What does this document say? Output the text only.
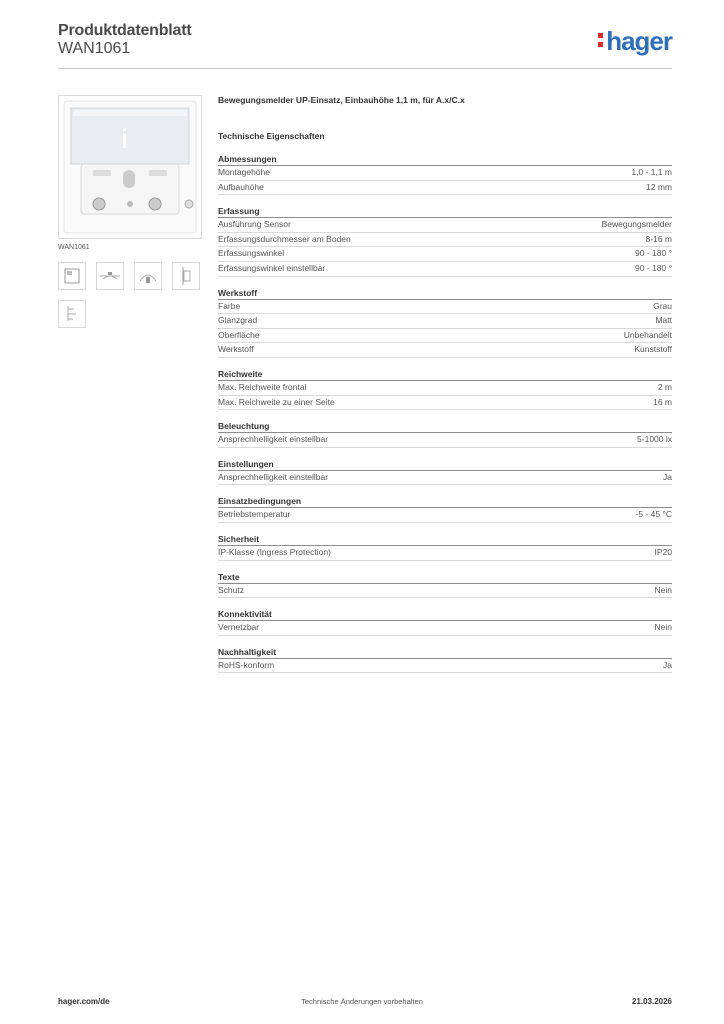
Produktdatenblatt
WAN1061	hager
WAN1061
Bewegungsmelder UP-Einsatz, Einbauhöhe 1,1 m, für A.x/C.x
Technische Eigenschaften
Abmessungen
Montagehöhe	1,0 - 1,1 m
Aufbauhöhe	12 mm
Erfassung
Ausführung Sensor	Bewegungsmelder
Erfassungsdurchmesser am Boden	8-16 m
Erfassungswinkel	90 - 180 °
Erfassungswinkel einstellbar	90 - 180 °
Werkstoff
Farbe	Grau
Glanzgrad	Matt
Oberfläche	Unbehandelt
Werkstoff	Kunststoff
Reichweite
Max. Reichweite frontal	2 m
Max. Reichweite zu einer Seite	16 m
Beleuchtung
Ansprechhelligkeit einstellbar	5-1000 lx
Einstellungen
Ansprechhelligkeit einstellbar	Ja
Einsatzbedingungen
Betriebstemperatur	-5 - 45 °C
Sicherheit
IP-Klasse (Ingress Protection)	IP20
Texte
Schutz	Nein
Konnektivität
Vernetzbar	Nein
Nachhaltigkeit
RoHS-konform	Ja
hager.com/de	Technische Änderungen vorbehalten	21.03.2026
